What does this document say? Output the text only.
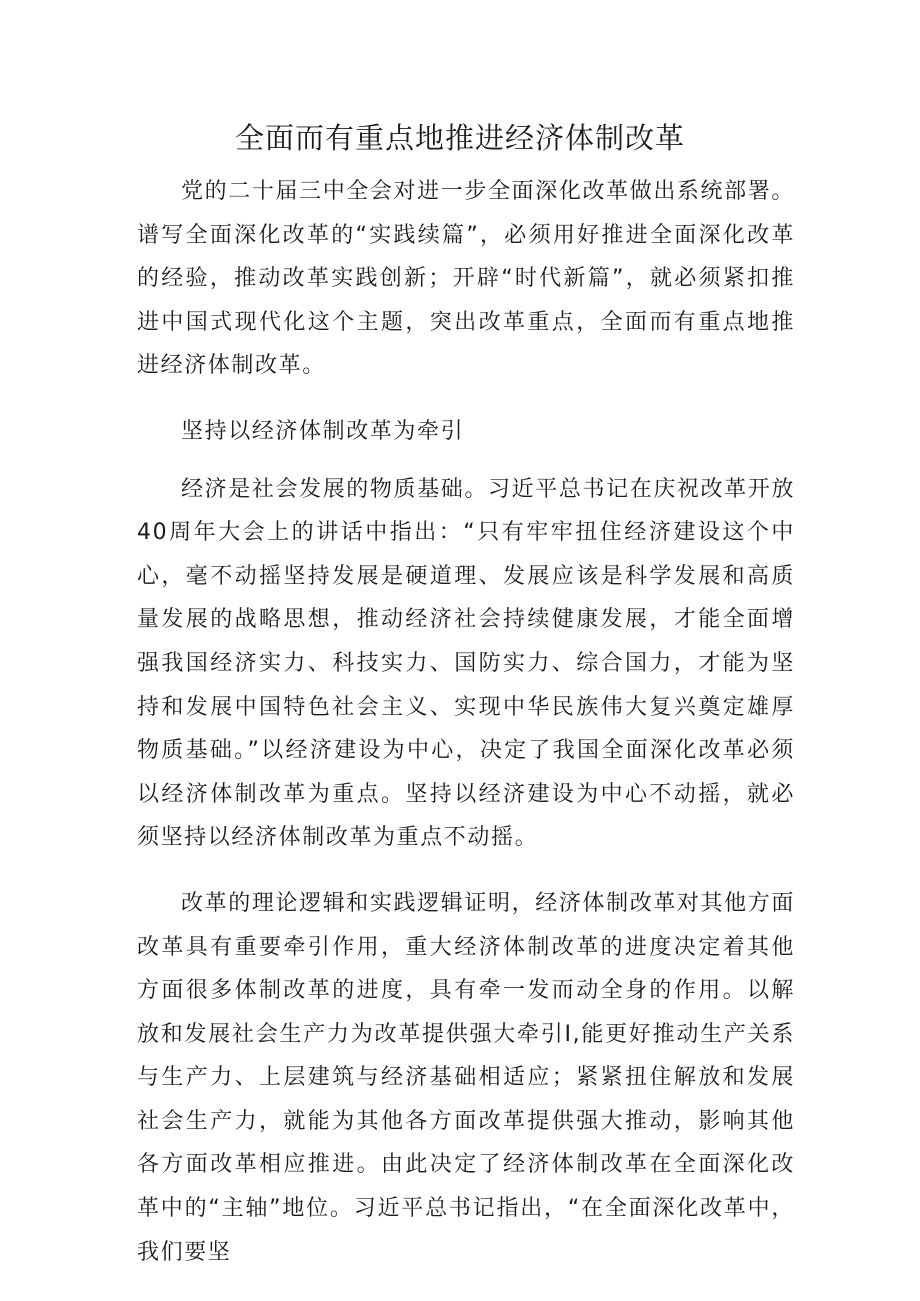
全面而有重点地推进经济体制改革

党的二十届三中全会对进一步全面深化改革做出系统部署。谱写全面深化改革的“实践续篇”，必须用好推进全面深化改革的经验，推动改革实践创新；开辟“时代新篇”，就必须紧扣推进中国式现代化这个主题，突出改革重点，全面而有重点地推进经济体制改革。

坚持以经济体制改革为牵引

经济是社会发展的物质基础。习近平总书记在庆祝改革开放40周年大会上的讲话中指出：“只有牢牢扭住经济建设这个中心，毫不动摇坚持发展是硬道理、发展应该是科学发展和高质量发展的战略思想，推动经济社会持续健康发展，才能全面增强我国经济实力、科技实力、国防实力、综合国力，才能为坚持和发展中国特色社会主义、实现中华民族伟大复兴奠定雄厚物质基础。”以经济建设为中心，决定了我国全面深化改革必须以经济体制改革为重点。坚持以经济建设为中心不动摇，就必须坚持以经济体制改革为重点不动摇。

改革的理论逻辑和实践逻辑证明，经济体制改革对其他方面改革具有重要牵引作用，重大经济体制改革的进度决定着其他方面很多体制改革的进度，具有牵一发而动全身的作用。以解放和发展社会生产力为改革提供强大牵引I,能更好推动生产关系与生产力、上层建筑与经济基础相适应；紧紧扭住解放和发展社会生产力，就能为其他各方面改革提供强大推动，影响其他各方面改革相应推进。由此决定了经济体制改革在全面深化改革中的“主轴”地位。习近平总书记指出，“在全面深化改革中，我们要坚
